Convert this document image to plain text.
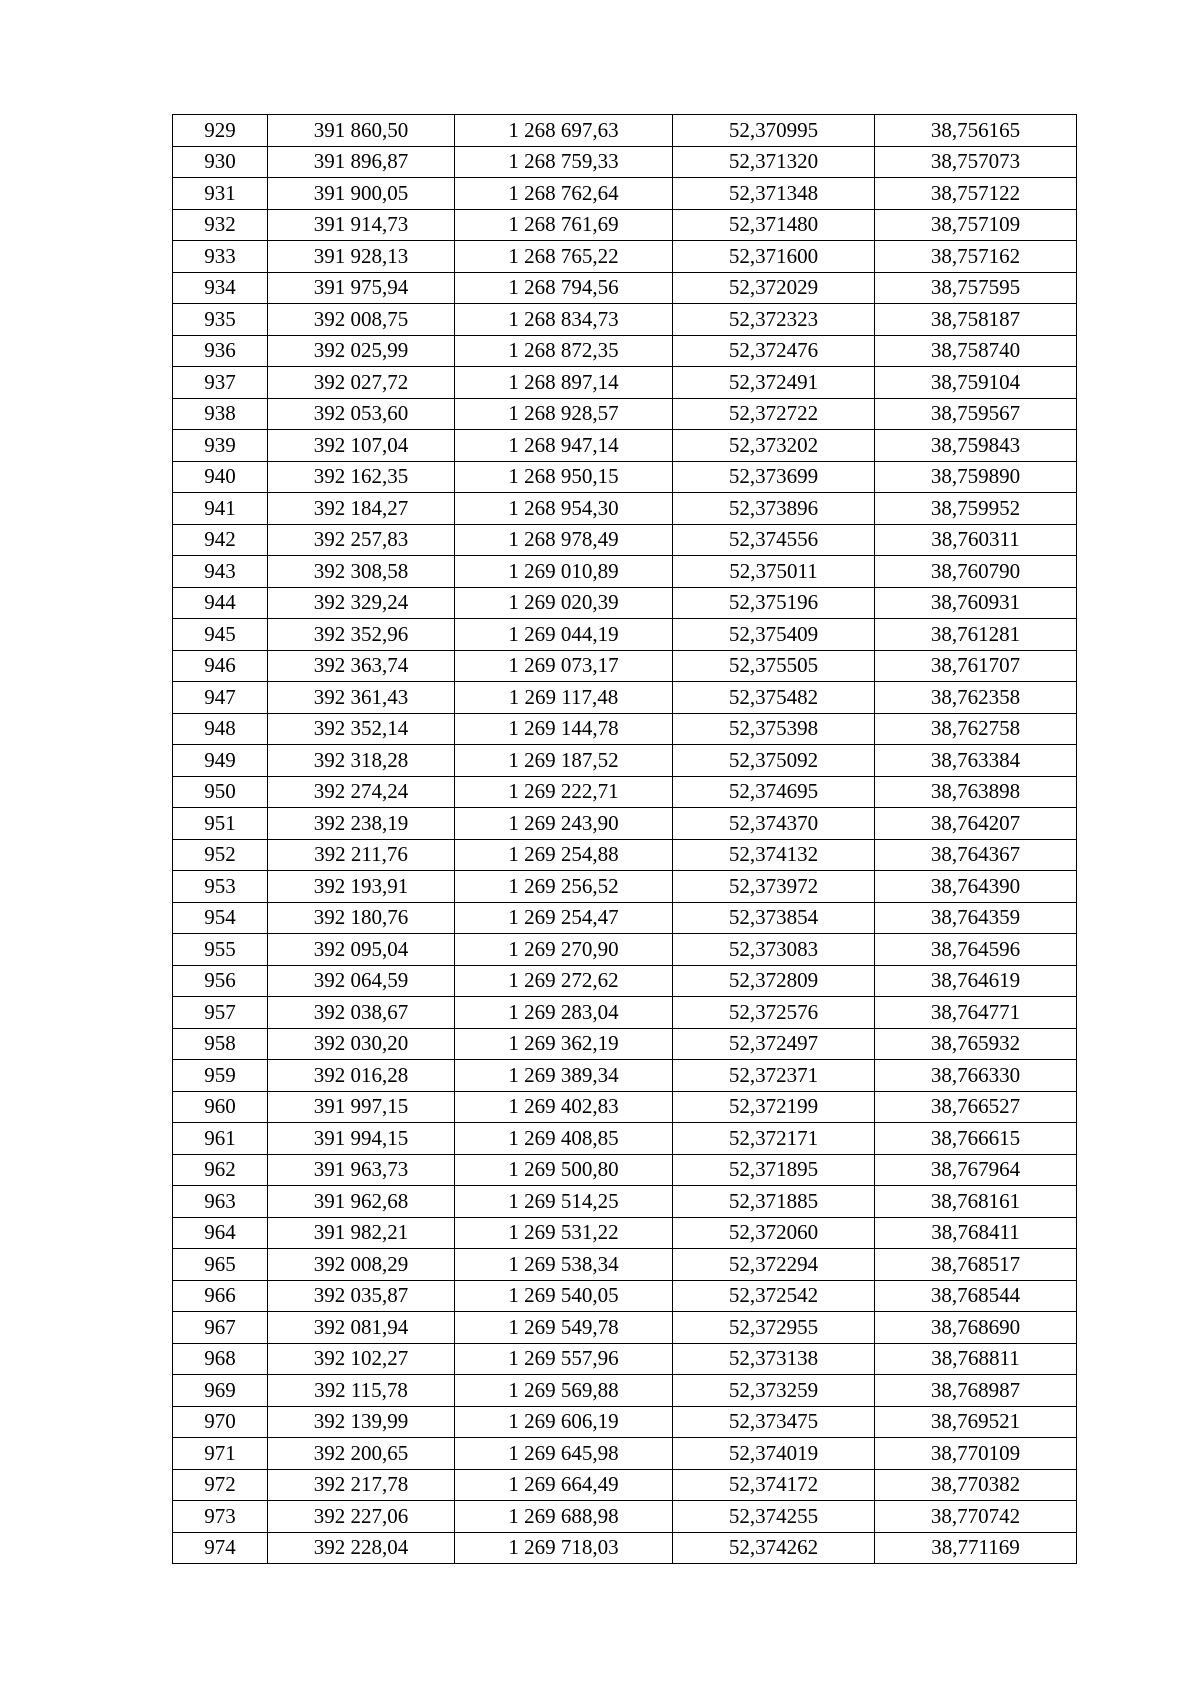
929	391 860,50	1 268 697,63	52,370995	38,756165
930	391 896,87	1 268 759,33	52,371320	38,757073
931	391 900,05	1 268 762,64	52,371348	38,757122
932	391 914,73	1 268 761,69	52,371480	38,757109
933	391 928,13	1 268 765,22	52,371600	38,757162
934	391 975,94	1 268 794,56	52,372029	38,757595
935	392 008,75	1 268 834,73	52,372323	38,758187
936	392 025,99	1 268 872,35	52,372476	38,758740
937	392 027,72	1 268 897,14	52,372491	38,759104
938	392 053,60	1 268 928,57	52,372722	38,759567
939	392 107,04	1 268 947,14	52,373202	38,759843
940	392 162,35	1 268 950,15	52,373699	38,759890
941	392 184,27	1 268 954,30	52,373896	38,759952
942	392 257,83	1 268 978,49	52,374556	38,760311
943	392 308,58	1 269 010,89	52,375011	38,760790
944	392 329,24	1 269 020,39	52,375196	38,760931
945	392 352,96	1 269 044,19	52,375409	38,761281
946	392 363,74	1 269 073,17	52,375505	38,761707
947	392 361,43	1 269 117,48	52,375482	38,762358
948	392 352,14	1 269 144,78	52,375398	38,762758
949	392 318,28	1 269 187,52	52,375092	38,763384
950	392 274,24	1 269 222,71	52,374695	38,763898
951	392 238,19	1 269 243,90	52,374370	38,764207
952	392 211,76	1 269 254,88	52,374132	38,764367
953	392 193,91	1 269 256,52	52,373972	38,764390
954	392 180,76	1 269 254,47	52,373854	38,764359
955	392 095,04	1 269 270,90	52,373083	38,764596
956	392 064,59	1 269 272,62	52,372809	38,764619
957	392 038,67	1 269 283,04	52,372576	38,764771
958	392 030,20	1 269 362,19	52,372497	38,765932
959	392 016,28	1 269 389,34	52,372371	38,766330
960	391 997,15	1 269 402,83	52,372199	38,766527
961	391 994,15	1 269 408,85	52,372171	38,766615
962	391 963,73	1 269 500,80	52,371895	38,767964
963	391 962,68	1 269 514,25	52,371885	38,768161
964	391 982,21	1 269 531,22	52,372060	38,768411
965	392 008,29	1 269 538,34	52,372294	38,768517
966	392 035,87	1 269 540,05	52,372542	38,768544
967	392 081,94	1 269 549,78	52,372955	38,768690
968	392 102,27	1 269 557,96	52,373138	38,768811
969	392 115,78	1 269 569,88	52,373259	38,768987
970	392 139,99	1 269 606,19	52,373475	38,769521
971	392 200,65	1 269 645,98	52,374019	38,770109
972	392 217,78	1 269 664,49	52,374172	38,770382
973	392 227,06	1 269 688,98	52,374255	38,770742
974	392 228,04	1 269 718,03	52,374262	38,771169
